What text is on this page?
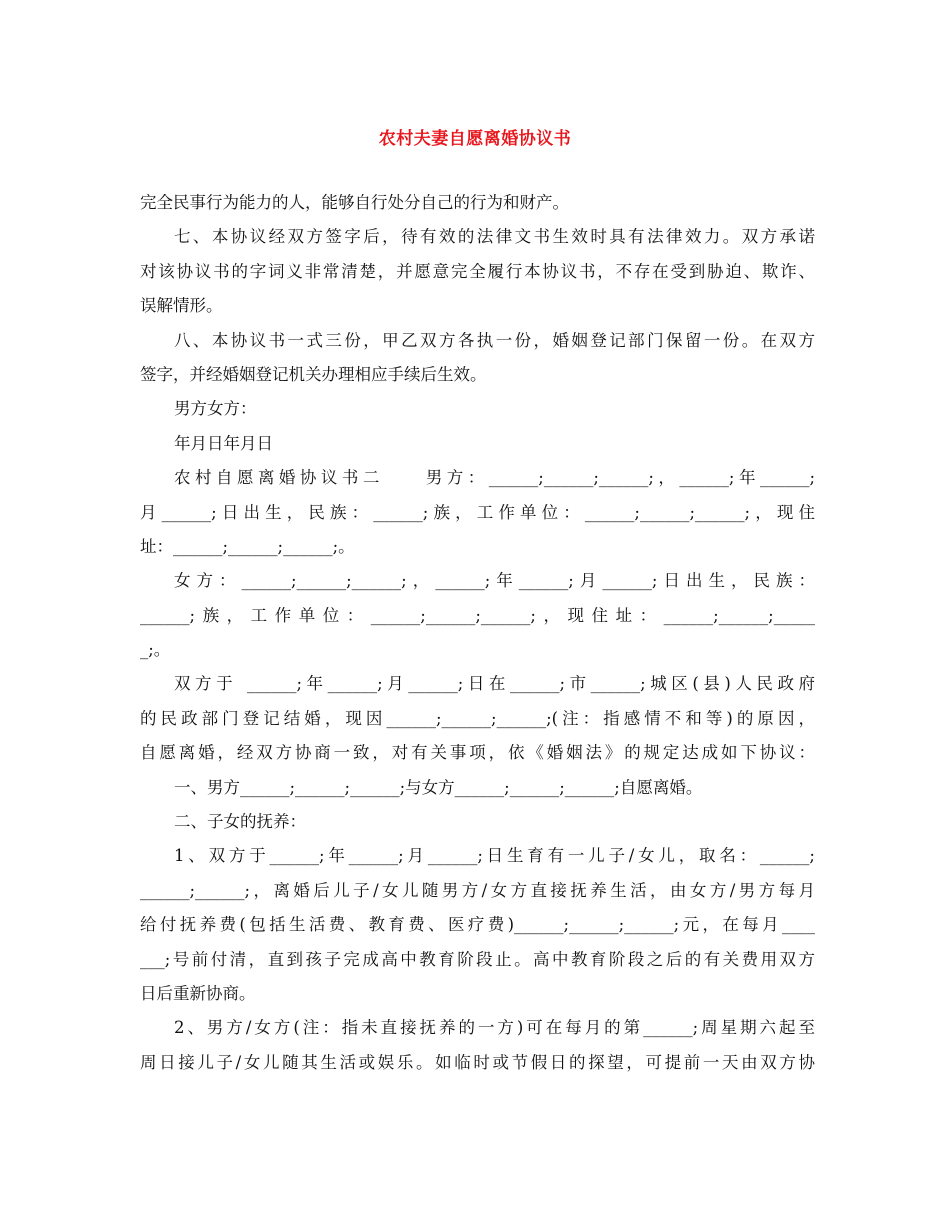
农村夫妻自愿离婚协议书
完全民事行为能力的人，能够自行处分自己的行为和财产。
七、本协议经双方签字后，待有效的法律文书生效时具有法律效力。双方承诺
对该协议书的字词义非常清楚，并愿意完全履行本协议书，不存在受到胁迫、欺诈、
误解情形。
八、本协议书一式三份，甲乙双方各执一份，婚姻登记部门保留一份。在双方
签字，并经婚姻登记机关办理相应手续后生效。
男方女方：
年月日年月日
农村自愿离婚协议书二　　男方：______;______;______;，______;年______;
月______;日出生，民族：______;族，工作单位：______;______;______;，现住
址：______;______;______;。
女方：______;______;______;，______;年______;月______;日出生，民族：
______;族，工作单位：______;______;______;，现住址：______;______;_____
_;。
双方于 ______;年______;月______;日在______;市______;城区(县)人民政府
的民政部门登记结婚，现因______;______;______;(注：指感情不和等)的原因，
自愿离婚，经双方协商一致，对有关事项，依《婚姻法》的规定达成如下协议：
一、男方______;______;______;与女方______;______;______;自愿离婚。
二、子女的抚养：
1、双方于______;年______;月______;日生育有一儿子/女儿，取名：______;
______;______;，离婚后儿子/女儿随男方/女方直接抚养生活，由女方/男方每月
给付抚养费(包括生活费、教育费、医疗费)______;______;______;元，在每月____
___;号前付清，直到孩子完成高中教育阶段止。高中教育阶段之后的有关费用双方
日后重新协商。
2、男方/女方(注：指未直接抚养的一方)可在每月的第______;周星期六起至
周日接儿子/女儿随其生活或娱乐。如临时或节假日的探望，可提前一天由双方协
